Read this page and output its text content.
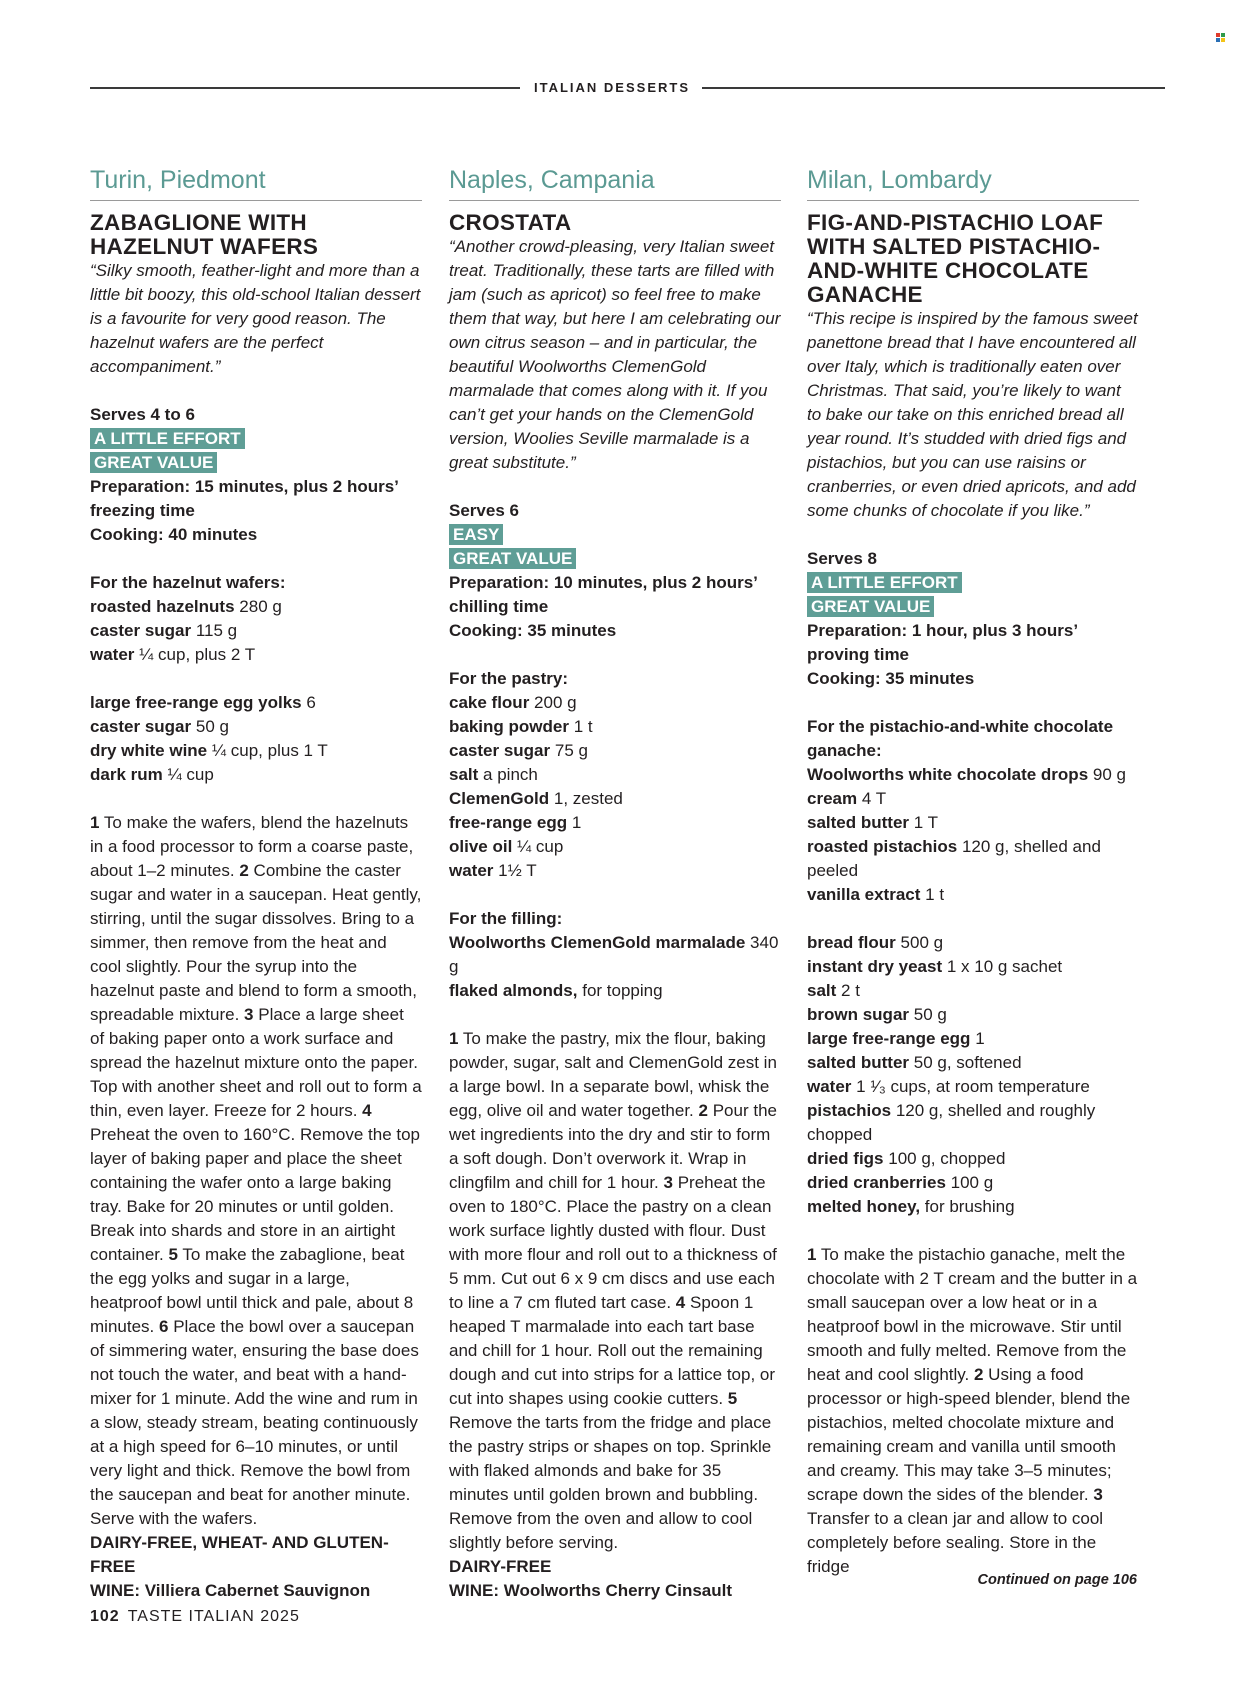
ITALIAN DESSERTS
Turin, Piedmont
ZABAGLIONE WITH
HAZELNUT WAFERS

“Silky smooth, feather-light and more than a little bit boozy, this old-school Italian dessert is a favourite for very good reason. The hazelnut wafers are the perfect accompaniment.”

Serves 4 to 6

A LITTLE EFFORT
GREAT VALUE

Preparation: 15 minutes, plus 2 hours’ freezing time

Cooking: 40 minutes

For the hazelnut wafers:

roasted hazelnuts 280 g

caster sugar 115 g

water ¼ cup, plus 2 T

large free-range egg yolks 6

caster sugar 50 g

dry white wine ¼ cup, plus 1 T

dark rum ¼ cup

1 To make the wafers, blend the hazelnuts in a food processor to form a coarse paste, about 1–2 minutes. 2 Combine the caster sugar and water in a saucepan. Heat gently, stirring, until the sugar dissolves. Bring to a simmer, then remove from the heat and cool slightly. Pour the syrup into the hazelnut paste and blend to form a smooth, spreadable mixture. 3 Place a large sheet of baking paper onto a work surface and spread the hazelnut mixture onto the paper. Top with another sheet and roll out to form a thin, even layer. Freeze for 2 hours. 4 Preheat the oven to 160°C. Remove the top layer of baking paper and place the sheet containing the wafer onto a large baking tray. Bake for 20 minutes or until golden. Break into shards and store in an airtight container. 5 To make the zabaglione, beat the egg yolks and sugar in a large, heatproof bowl until thick and pale, about 8 minutes. 6 Place the bowl over a saucepan of simmering water, ensuring the base does not touch the water, and beat with a hand-mixer for 1 minute. Add the wine and rum in a slow, steady stream, beating continuously at a high speed for 6–10 minutes, or until very light and thick. Remove the bowl from the saucepan and beat for another minute. Serve with the wafers.

DAIRY-FREE, WHEAT- AND GLUTEN-FREE

WINE: Villiera Cabernet Sauvignon

Naples, Campania
CROSTATA

“Another crowd-pleasing, very Italian sweet treat. Traditionally, these tarts are filled with jam (such as apricot) so feel free to make them that way, but here I am celebrating our own citrus season – and in particular, the beautiful Woolworths ClemenGold marmalade that comes along with it. If you can’t get your hands on the ClemenGold version, Woolies Seville marmalade is a great substitute.”

Serves 6

EASY
GREAT VALUE

Preparation: 10 minutes, plus 2 hours’ chilling time

Cooking: 35 minutes

For the pastry:

cake flour 200 g

baking powder 1 t

caster sugar 75 g

salt a pinch

ClemenGold 1, zested

free-range egg 1

olive oil ¼ cup

water 1½ T

For the filling:

Woolworths ClemenGold marmalade 340 g

flaked almonds, for topping

1 To make the pastry, mix the flour, baking powder, sugar, salt and ClemenGold zest in a large bowl. In a separate bowl, whisk the egg, olive oil and water together. 2 Pour the wet ingredients into the dry and stir to form a soft dough. Don’t overwork it. Wrap in clingfilm and chill for 1 hour. 3 Preheat the oven to 180°C. Place the pastry on a clean work surface lightly dusted with flour. Dust with more flour and roll out to a thickness of 5 mm. Cut out 6 x 9 cm discs and use each to line a 7 cm fluted tart case. 4 Spoon 1 heaped T marmalade into each tart base and chill for 1 hour. Roll out the remaining dough and cut into strips for a lattice top, or cut into shapes using cookie cutters. 5 Remove the tarts from the fridge and place the pastry strips or shapes on top. Sprinkle with flaked almonds and bake for 35 minutes until golden brown and bubbling. Remove from the oven and allow to cool slightly before serving.

DAIRY-FREE

WINE: Woolworths Cherry Cinsault

Milan, Lombardy
FIG-AND-PISTACHIO LOAF
WITH SALTED PISTACHIO-
AND-WHITE CHOCOLATE
GANACHE

“This recipe is inspired by the famous sweet panettone bread that I have encountered all over Italy, which is traditionally eaten over Christmas. That said, you’re likely to want to bake our take on this enriched bread all year round. It’s studded with dried figs and pistachios, but you can use raisins or cranberries, or even dried apricots, and add some chunks of chocolate if you like.”

Serves 8

A LITTLE EFFORT
GREAT VALUE

Preparation: 1 hour, plus 3 hours’ proving time

Cooking: 35 minutes

For the pistachio-and-white chocolate ganache:

Woolworths white chocolate drops 90 g

cream 4 T

salted butter 1 T

roasted pistachios 120 g, shelled and peeled

vanilla extract 1 t

bread flour 500 g

instant dry yeast 1 x 10 g sachet

salt 2 t

brown sugar 50 g

large free-range egg 1

salted butter 50 g, softened

water 1 ¹⁄₃ cups, at room temperature

pistachios 120 g, shelled and roughly chopped

dried figs 100 g, chopped

dried cranberries 100 g

melted honey, for brushing

1 To make the pistachio ganache, melt the chocolate with 2 T cream and the butter in a small saucepan over a low heat or in a heatproof bowl in the microwave. Stir until smooth and fully melted. Remove from the heat and cool slightly. 2 Using a food processor or high-speed blender, blend the pistachios, melted chocolate mixture and remaining cream and vanilla until smooth and creamy. This may take 3–5 minutes; scrape down the sides of the blender. 3 Transfer to a clean jar and allow to cool completely before sealing. Store in the fridge

Continued on page 106
102 TASTE ITALIAN 2025
